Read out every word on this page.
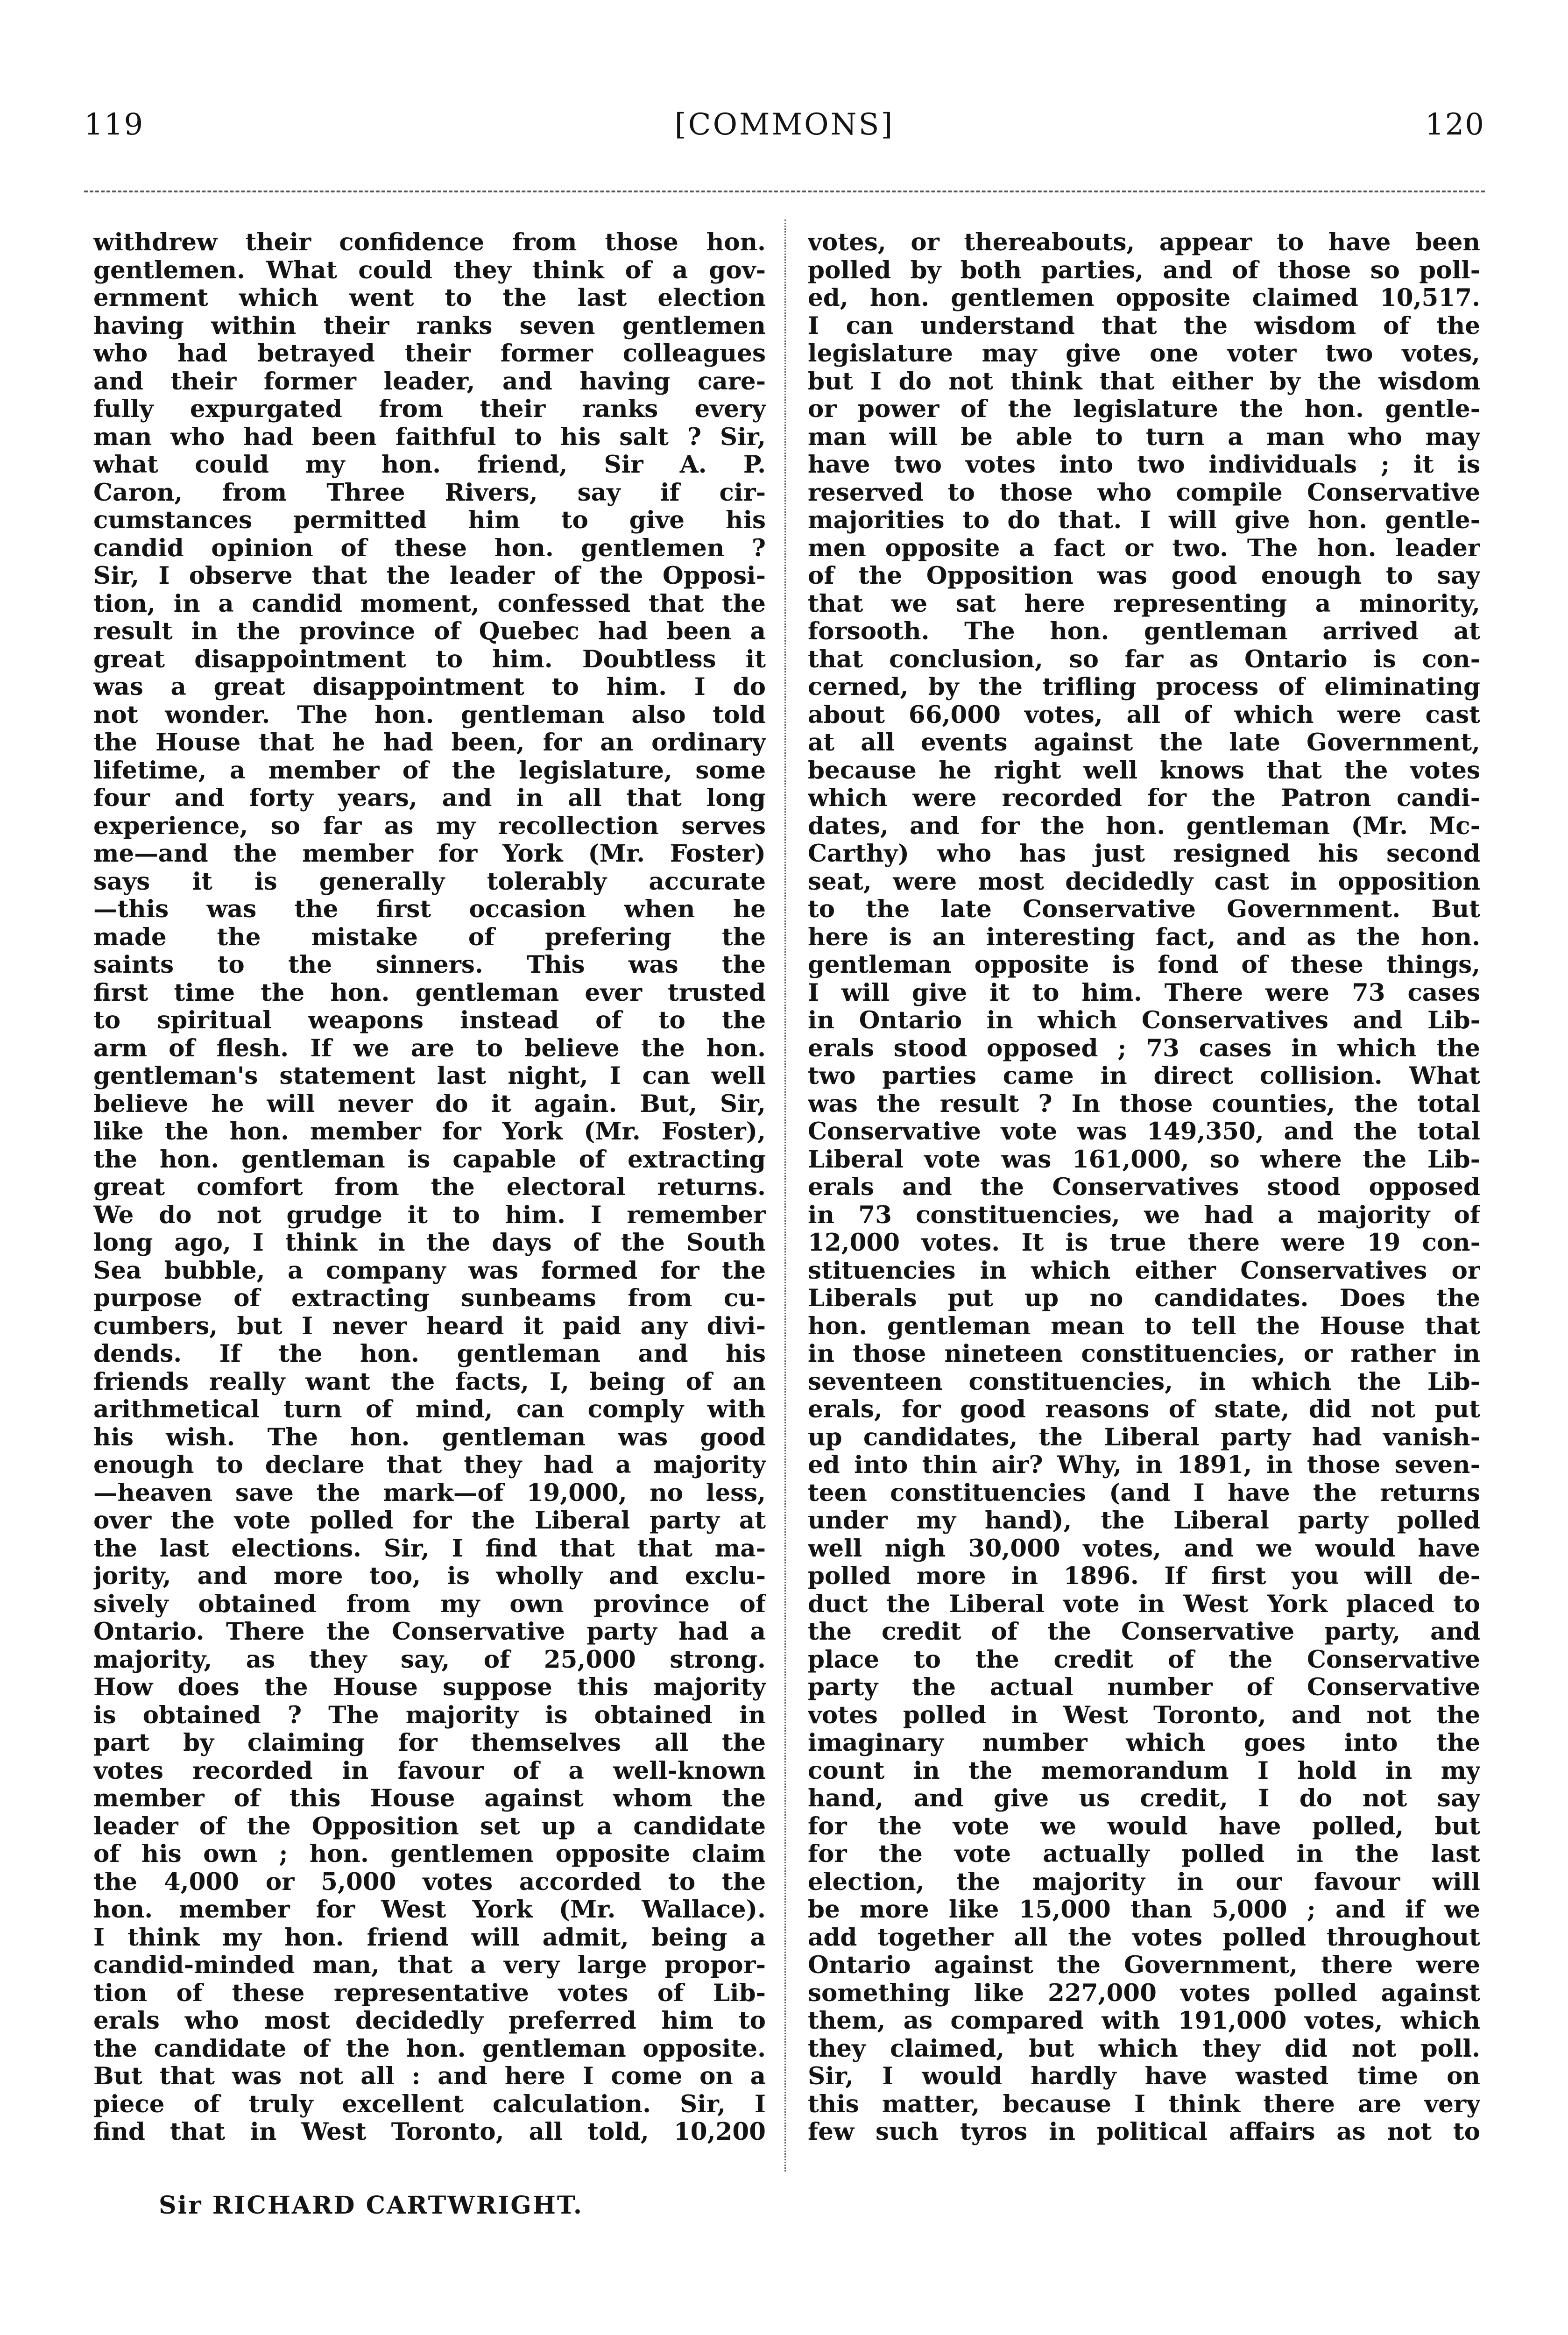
119	[COMMONS]	120
withdrew their confidence from those hon.
gentlemen. What could they think of a gov-
ernment which went to the last election
having within their ranks seven gentlemen
who had betrayed their former colleagues
and their former leader, and having care-
fully expurgated from their ranks every
man who had been faithful to his salt ? Sir,
what could my hon. friend, Sir A. P.
Caron, from Three Rivers, say if cir-
cumstances permitted him to give his
candid opinion of these hon. gentlemen ?
Sir, I observe that the leader of the Opposi-
tion, in a candid moment, confessed that the
result in the province of Quebec had been a
great disappointment to him. Doubtless it
was a great disappointment to him. I do
not wonder. The hon. gentleman also told
the House that he had been, for an ordinary
lifetime, a member of the legislature, some
four and forty years, and in all that long
experience, so far as my recollection serves
me—and the member for York (Mr. Foster)
says it is generally tolerably accurate
—this was the first occasion when he
made the mistake of prefering the
saints to the sinners. This was the
first time the hon. gentleman ever trusted
to spiritual weapons instead of to the
arm of flesh. If we are to believe the hon.
gentleman's statement last night, I can well
believe he will never do it again. But, Sir,
like the hon. member for York (Mr. Foster),
the hon. gentleman is capable of extracting
great comfort from the electoral returns.
We do not grudge it to him. I remember
long ago, I think in the days of the South
Sea bubble, a company was formed for the
purpose of extracting sunbeams from cu-
cumbers, but I never heard it paid any divi-
dends. If the hon. gentleman and his
friends really want the facts, I, being of an
arithmetical turn of mind, can comply with
his wish. The hon. gentleman was good
enough to declare that they had a majority
—heaven save the mark—of 19,000, no less,
over the vote polled for the Liberal party at
the last elections. Sir, I find that that ma-
jority, and more too, is wholly and exclu-
sively obtained from my own province of
Ontario. There the Conservative party had a
majority, as they say, of 25,000 strong.
How does the House suppose this majority
is obtained ? The majority is obtained in
part by claiming for themselves all the
votes recorded in favour of a well-known
member of this House against whom the
leader of the Opposition set up a candidate
of his own ; hon. gentlemen opposite claim
the 4,000 or 5,000 votes accorded to the
hon. member for West York (Mr. Wallace).
I think my hon. friend will admit, being a
candid-minded man, that a very large propor-
tion of these representative votes of Lib-
erals who most decidedly preferred him to
the candidate of the hon. gentleman opposite.
But that was not all : and here I come on a
piece of truly excellent calculation. Sir, I
find that in West Toronto, all told, 10,200
votes, or thereabouts, appear to have been
polled by both parties, and of those so poll-
ed, hon. gentlemen opposite claimed 10,517.
I can understand that the wisdom of the
legislature may give one voter two votes,
but I do not think that either by the wisdom
or power of the legislature the hon. gentle-
man will be able to turn a man who may
have two votes into two individuals ; it is
reserved to those who compile Conservative
majorities to do that. I will give hon. gentle-
men opposite a fact or two. The hon. leader
of the Opposition was good enough to say
that we sat here representing a minority,
forsooth. The hon. gentleman arrived at
that conclusion, so far as Ontario is con-
cerned, by the trifling process of eliminating
about 66,000 votes, all of which were cast
at all events against the late Government,
because he right well knows that the votes
which were recorded for the Patron candi-
dates, and for the hon. gentleman (Mr. Mc-
Carthy) who has just resigned his second
seat, were most decidedly cast in opposition
to the late Conservative Government. But
here is an interesting fact, and as the hon.
gentleman opposite is fond of these things,
I will give it to him. There were 73 cases
in Ontario in which Conservatives and Lib-
erals stood opposed ; 73 cases in which the
two parties came in direct collision. What
was the result ? In those counties, the total
Conservative vote was 149,350, and the total
Liberal vote was 161,000, so where the Lib-
erals and the Conservatives stood opposed
in 73 constituencies, we had a majority of
12,000 votes. It is true there were 19 con-
stituencies in which either Conservatives or
Liberals put up no candidates. Does the
hon. gentleman mean to tell the House that
in those nineteen constituencies, or rather in
seventeen constituencies, in which the Lib-
erals, for good reasons of state, did not put
up candidates, the Liberal party had vanish-
ed into thin air? Why, in 1891, in those seven-
teen constituencies (and I have the returns
under my hand), the Liberal party polled
well nigh 30,000 votes, and we would have
polled more in 1896. If first you will de-
duct the Liberal vote in West York placed to
the credit of the Conservative party, and
place to the credit of the Conservative
party the actual number of Conservative
votes polled in West Toronto, and not the
imaginary number which goes into the
count in the memorandum I hold in my
hand, and give us credit, I do not say
for the vote we would have polled, but
for the vote actually polled in the last
election, the majority in our favour will
be more like 15,000 than 5,000 ; and if we
add together all the votes polled throughout
Ontario against the Government, there were
something like 227,000 votes polled against
them, as compared with 191,000 votes, which
they claimed, but which they did not poll.
Sir, I would hardly have wasted time on
this matter, because I think there are very
few such tyros in political affairs as not to
Sir RICHARD CARTWRIGHT.
